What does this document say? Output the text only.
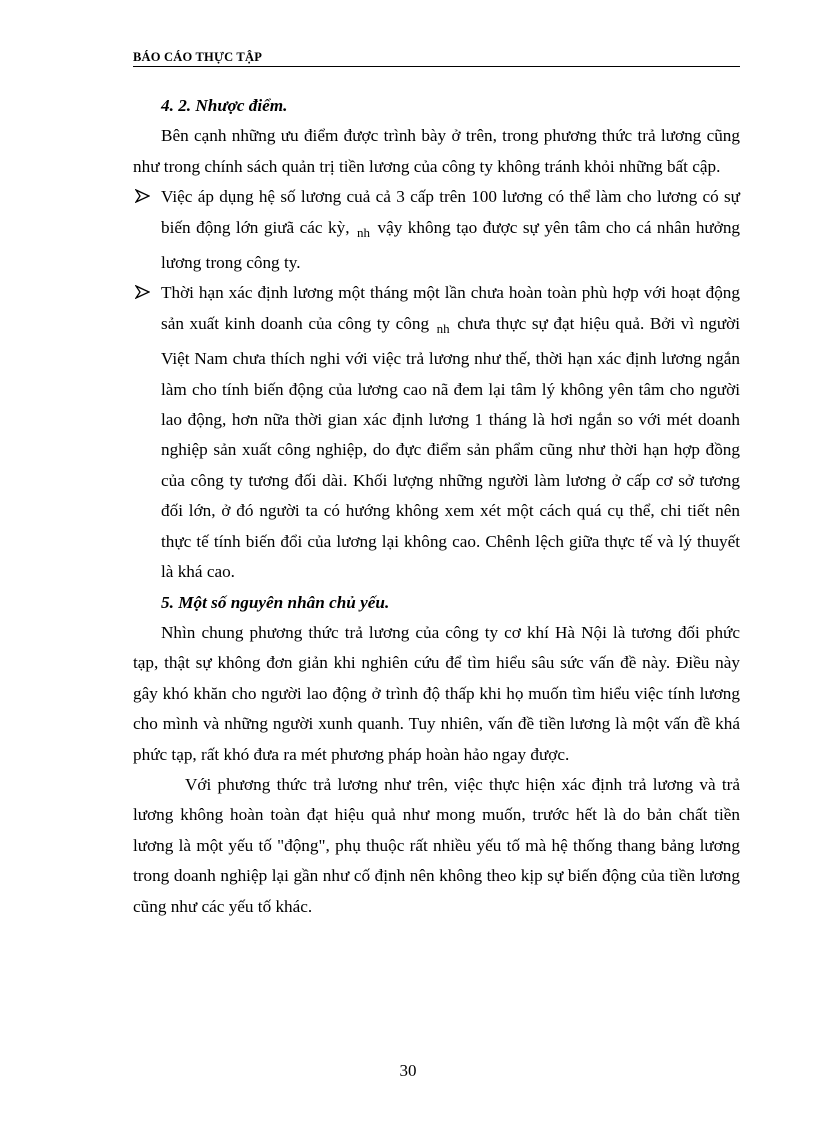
BÁO CÁO THỰC TẬP
4. 2. Nhược điểm.

Bên cạnh những ưu điểm được trình bày ở trên, trong phương thức trả lương cũng như trong chính sách quản trị tiền lương của công ty không tránh khỏi những bất cập.

Việc áp dụng hệ số lương cuả cả 3 cấp trên 100 lương có thể làm cho lương có sự biến động lớn giưã các kỳ, $_{nh}$ vậy không tạo được sự yên tâm cho cá nhân hưởng lương trong công ty.

Thời hạn xác định lương một tháng một lần chưa hoàn toàn phù hợp với hoạt động sản xuất kinh doanh của công ty công $_{nh}$ chưa thực sự đạt hiệu quả. Bởi vì người Việt Nam chưa thích nghi với việc trả lương như thế, thời hạn xác định lương ngắn làm cho tính biến động của lương cao nã đem lại tâm lý không yên tâm cho người lao động, hơn nữa thời gian xác định lương 1 tháng là hơi ngắn so với mét doanh nghiệp sản xuất công nghiệp, do đực điểm sản phẩm cũng như thời hạn hợp đồng của công ty tương đối dài. Khối lượng những người làm lương ở cấp cơ sở tương đối lớn, ở đó người ta có hướng không xem xét một cách quá cụ thể, chi tiết nên thực tế tính biến đổi của lương lại không cao. Chênh lệch giữa thực tế và lý thuyết là khá cao.

5. Một số nguyên nhân chủ yếu.

Nhìn chung phương thức trả lương của công ty cơ khí Hà Nội là tương đối phức tạp, thật sự không đơn giản khi nghiên cứu để tìm hiểu sâu sức vấn đề này. Điều này gây khó khăn cho người lao động ở trình độ thấp khi họ muốn tìm hiểu việc tính lương cho mình và những người xunh quanh. Tuy nhiên, vấn đề tiền lương là một vấn đề khá phức tạp, rất khó đưa ra mét phương pháp hoàn hảo ngay được.

Với phương thức trả lương như trên, việc thực hiện xác định trả lương và trả lương không hoàn toàn đạt hiệu quả như mong muốn, trước hết là do bản chất tiền lương là một yếu tố "động", phụ thuộc rất nhiều yếu tố mà hệ thống thang bảng lương trong doanh nghiệp lại gần như cố định nên không theo kịp sự biến động của tiền lương cũng như các yếu tố khác.

30
